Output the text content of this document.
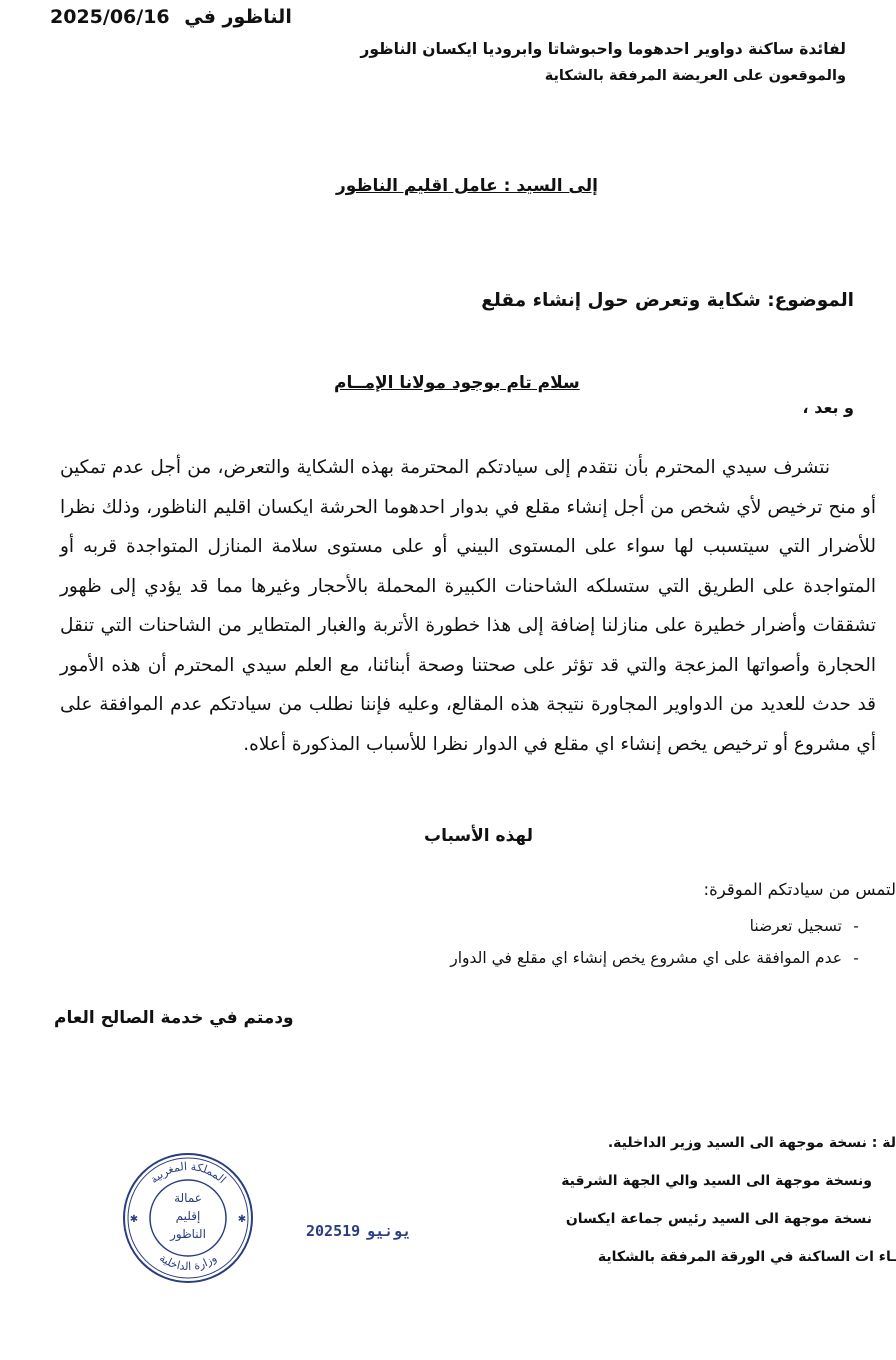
2025/06/16 الناظور في
لفائدة ساكنة دواوير احدهوما واحبوشاتا وابروديا ايكسان الناظور
والموقعون على العريضة المرفقة بالشكاية
إلى السيد : عامل اقليم الناظور
الموضوع: شكاية وتعرض حول إنشاء مقلع
سلام تام بوجود مولانا الإمــام
و بعد ،

نتشرف سيدي المحترم بأن نتقدم إلى سيادتكم المحترمة بهذه الشكاية والتعرض، من أجل عدم تمكين أو منح ترخيص لأي شخص من أجل إنشاء مقلع في بدوار احدهوما الحرشة ايكسان اقليم الناظور، وذلك نظرا للأضرار التي سيتسبب لها سواء على المستوى البيني أو على مستوى سلامة المنازل المتواجدة قربه أو المتواجدة على الطريق التي ستسلكه الشاحنات الكبيرة المحملة بالأحجار وغيرها مما قد يؤدي إلى ظهور تشققات وأضرار خطيرة على منازلنا إضافة إلى هذا خطورة الأتربة والغبار المتطاير من الشاحنات التي تنقل الحجارة وأصواتها المزعجة والتي قد تؤثر على صحتنا وصحة أبنائنا، مع العلم سيدي المحترم أن هذه الأمور قد حدث للعديد من الدواوير المجاورة نتيجة هذه المقالع، وعليه فإننا نطلب من سيادتكم عدم الموافقة على أي مشروع أو ترخيص يخص إنشاء اي مقلع في الدوار نظرا للأسباب المذكورة أعلاه.

لهذه الأسباب
لتمس من سيادتكم الموقرة:
-تسجيل تعرضنا
-عدم الموافقة على اي مشروع يخص إنشاء اي مقلع في الدوار
ودمتم في خدمة الصالح العام
لة : نسخة موجهة الى السيد وزير الداخلية.
ونسخة موجهة الى السيد والي الجهة الشرقية
نسخة موجهة الى السيد رئيس جماعة ايكسان
ـاء ات الساكنة في الورقة المرفقة بالشكاية
2025 يونيو19
المملكة المغربية
وزارة الداخلية
عمالة
إقليم
الناظور
✱	✱
